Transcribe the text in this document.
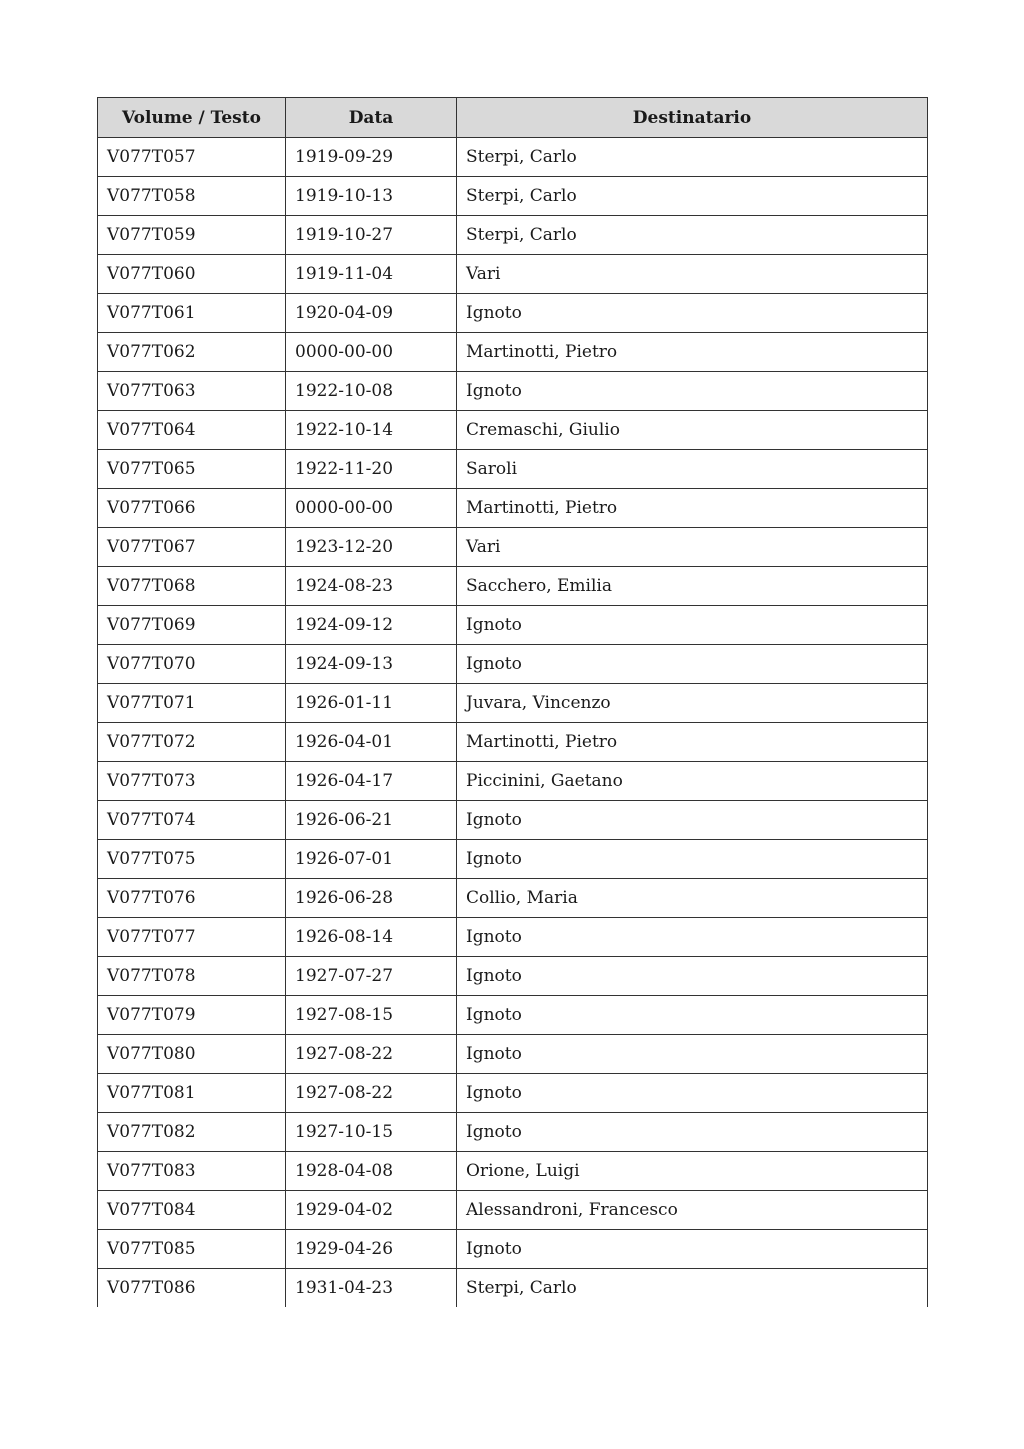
Volume / Testo	Data	Destinatario
V077T057	1919-09-29	Sterpi, Carlo
V077T058	1919-10-13	Sterpi, Carlo
V077T059	1919-10-27	Sterpi, Carlo
V077T060	1919-11-04	Vari
V077T061	1920-04-09	Ignoto
V077T062	0000-00-00	Martinotti, Pietro
V077T063	1922-10-08	Ignoto
V077T064	1922-10-14	Cremaschi, Giulio
V077T065	1922-11-20	Saroli
V077T066	0000-00-00	Martinotti, Pietro
V077T067	1923-12-20	Vari
V077T068	1924-08-23	Sacchero, Emilia
V077T069	1924-09-12	Ignoto
V077T070	1924-09-13	Ignoto
V077T071	1926-01-11	Juvara, Vincenzo
V077T072	1926-04-01	Martinotti, Pietro
V077T073	1926-04-17	Piccinini, Gaetano
V077T074	1926-06-21	Ignoto
V077T075	1926-07-01	Ignoto
V077T076	1926-06-28	Collio, Maria
V077T077	1926-08-14	Ignoto
V077T078	1927-07-27	Ignoto
V077T079	1927-08-15	Ignoto
V077T080	1927-08-22	Ignoto
V077T081	1927-08-22	Ignoto
V077T082	1927-10-15	Ignoto
V077T083	1928-04-08	Orione, Luigi
V077T084	1929-04-02	Alessandroni, Francesco
V077T085	1929-04-26	Ignoto
V077T086	1931-04-23	Sterpi, Carlo
